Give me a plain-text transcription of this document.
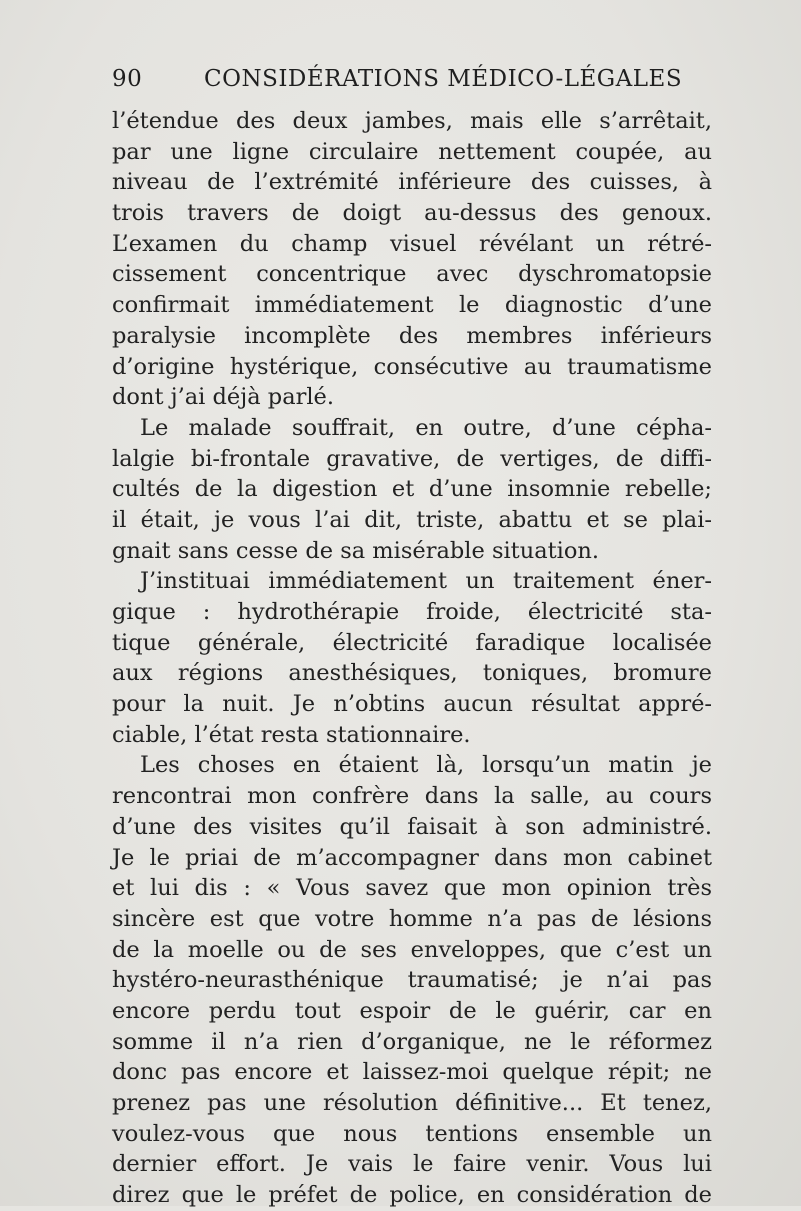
90	CONSIDÉRATIONS MÉDICO-LÉGALES
l’étendue des deux jambes, mais elle s’arrêtait,
par une ligne circulaire nettement coupée, au
niveau de l’extrémité inférieure des cuisses, à
trois travers de doigt au-dessus des genoux.
L’examen du champ visuel révélant un rétré-
cissement concentrique avec dyschromatopsie
confirmait immédiatement le diagnostic d’une
paralysie incomplète des membres inférieurs
d’origine hystérique, consécutive au traumatisme
dont j’ai déjà parlé.
Le malade souffrait, en outre, d’une cépha-
lalgie bi-frontale gravative, de vertiges, de diffi-
cultés de la digestion et d’une insomnie rebelle;
il était, je vous l’ai dit, triste, abattu et se plai-
gnait sans cesse de sa misérable situation.
J’instituai immédiatement un traitement éner-
gique : hydrothérapie froide, électricité sta-
tique générale, électricité faradique localisée
aux régions anesthésiques, toniques, bromure
pour la nuit. Je n’obtins aucun résultat appré-
ciable, l’état resta stationnaire.
Les choses en étaient là, lorsqu’un matin je
rencontrai mon confrère dans la salle, au cours
d’une des visites qu’il faisait à son administré.
Je le priai de m’accompagner dans mon cabinet
et lui dis : « Vous savez que mon opinion très
sincère est que votre homme n’a pas de lésions
de la moelle ou de ses enveloppes, que c’est un
hystéro-neurasthénique traumatisé; je n’ai pas
encore perdu tout espoir de le guérir, car en
somme il n’a rien d’organique, ne le réformez
donc pas encore et laissez-moi quelque répit; ne
prenez pas une résolution définitive... Et tenez,
voulez-vous que nous tentions ensemble un
dernier effort. Je vais le faire venir. Vous lui
direz que le préfet de police, en considération de
